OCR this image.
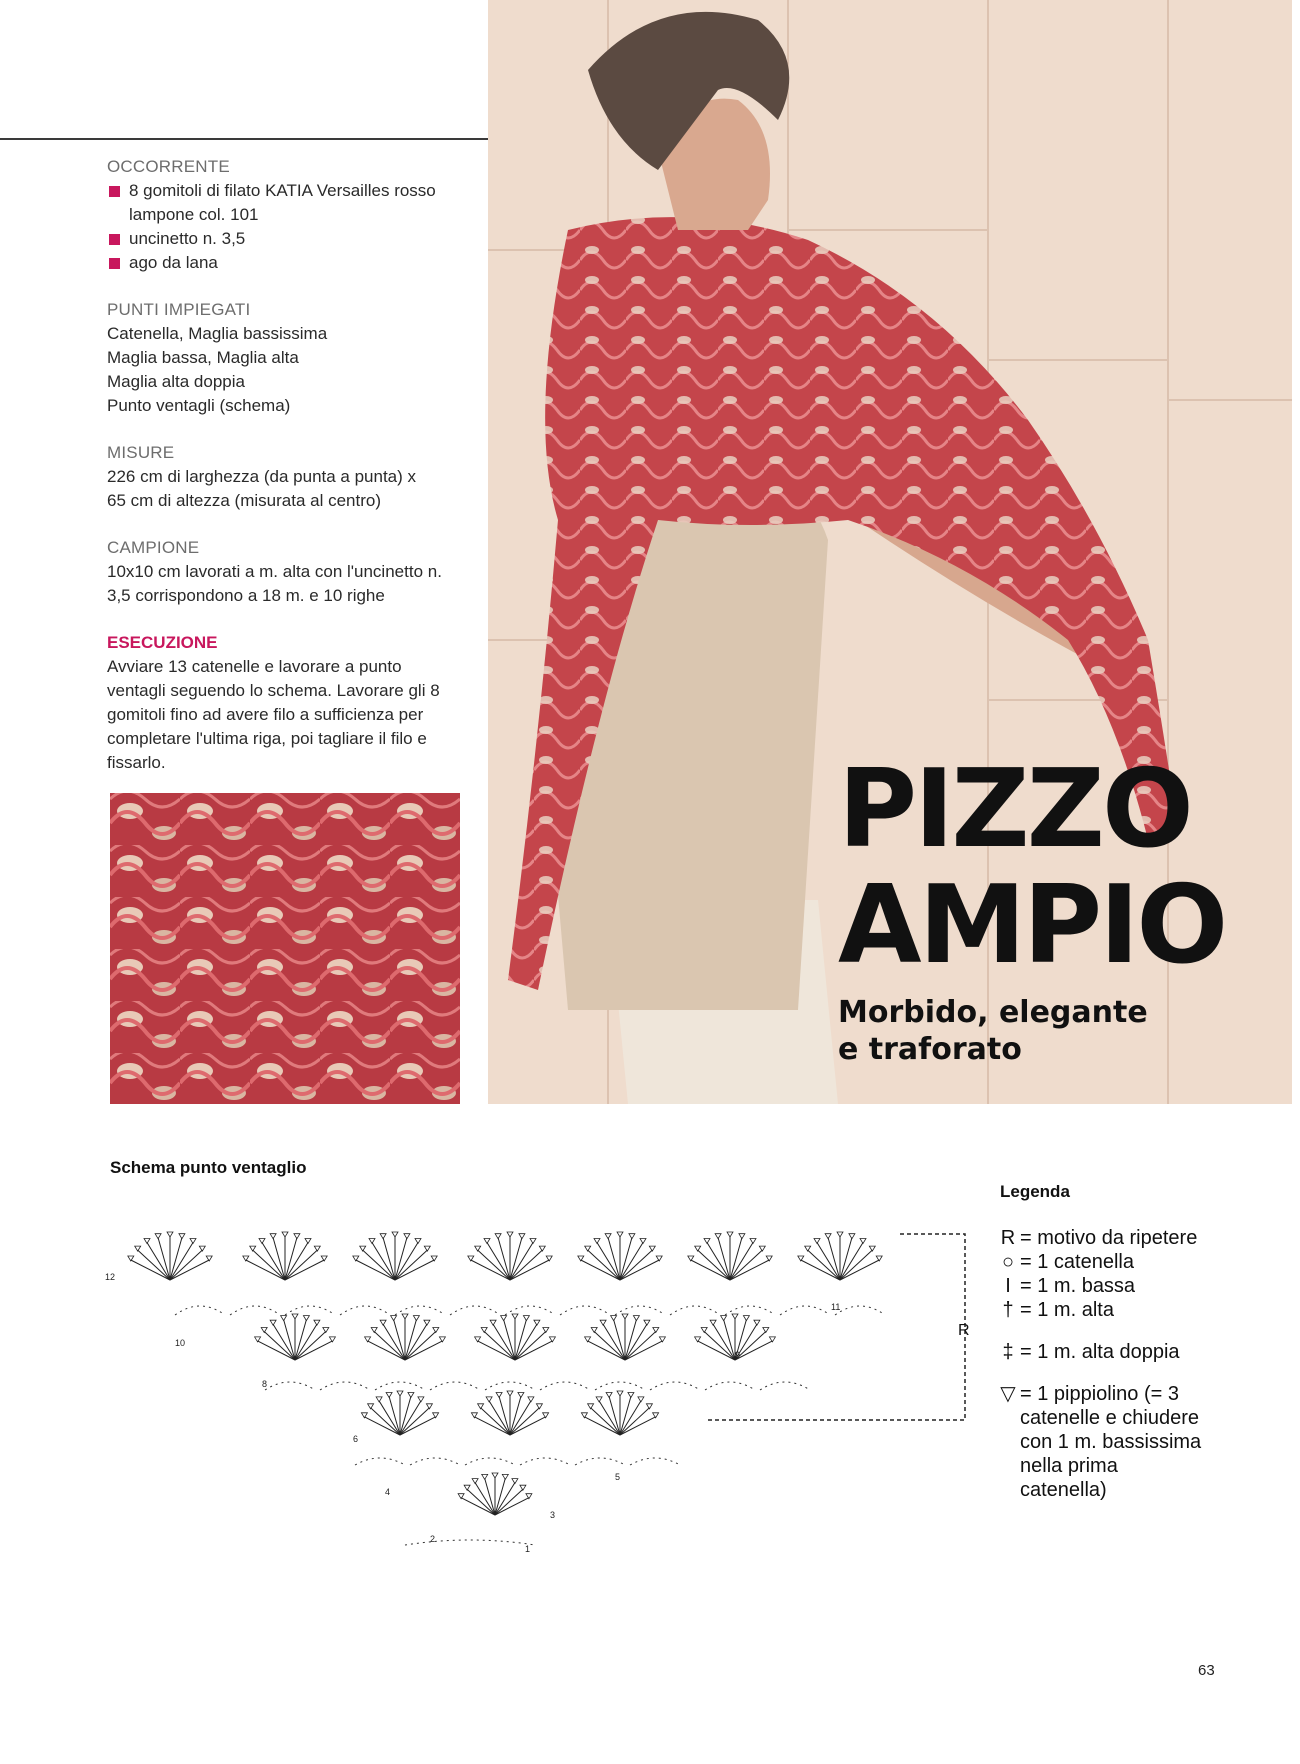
OCCORRENTE
8 gomitoli di filato KATIA Versailles rosso
lampone col. 101
uncinetto n. 3,5
ago da lana
PUNTI IMPIEGATI
Catenella, Maglia bassissima
Maglia bassa, Maglia alta
Maglia alta doppia
Punto ventagli (schema)
MISURE
226 cm di larghezza (da punta a punta) x
65 cm di altezza (misurata al centro)
CAMPIONE
10x10 cm lavorati a m. alta con l'uncinetto n.
3,5 corrispondono a 18 m. e 10 righe
ESECUZIONE
Avviare 13 catenelle e lavorare a punto
ventagli seguendo lo schema. Lavorare gli 8
gomitoli fino ad avere filo a sufficienza per
completare l'ultima riga, poi tagliare il filo e
fissarlo.	PIZZO
AMPIO
Morbido, elegante
e traforato
Schema punto ventaglio
Legenda
R
1
2
3
4
5
6
8
9
10
11
12
R = motivo da ripetere
○ = 1 catenella
I = 1 m. bassa
† = 1 m. alta
‡ = 1 m. alta doppia
▽ = 1 pippiolino (= 3 catenelle e chiudere con 1 m. bassissima nella prima catenella)
63
